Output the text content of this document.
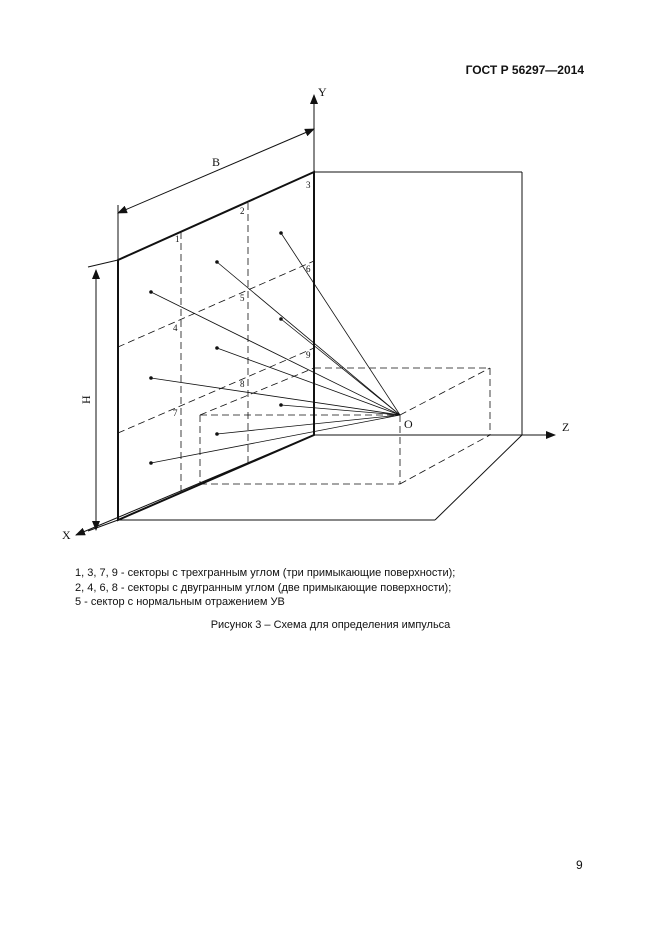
ГОСТ Р 56297—2014
Y
Z
X
O
B
H
1
2
3
4
5
6
7
8
9
1, 3, 7, 9 - секторы с трехгранным углом (три примыкающие поверхности);
2, 4, 6, 8 - секторы с двугранным углом (две примыкающие поверхности);
5 - сектор с нормальным отражением УВ
Рисунок 3 – Схема для определения импульса
9
